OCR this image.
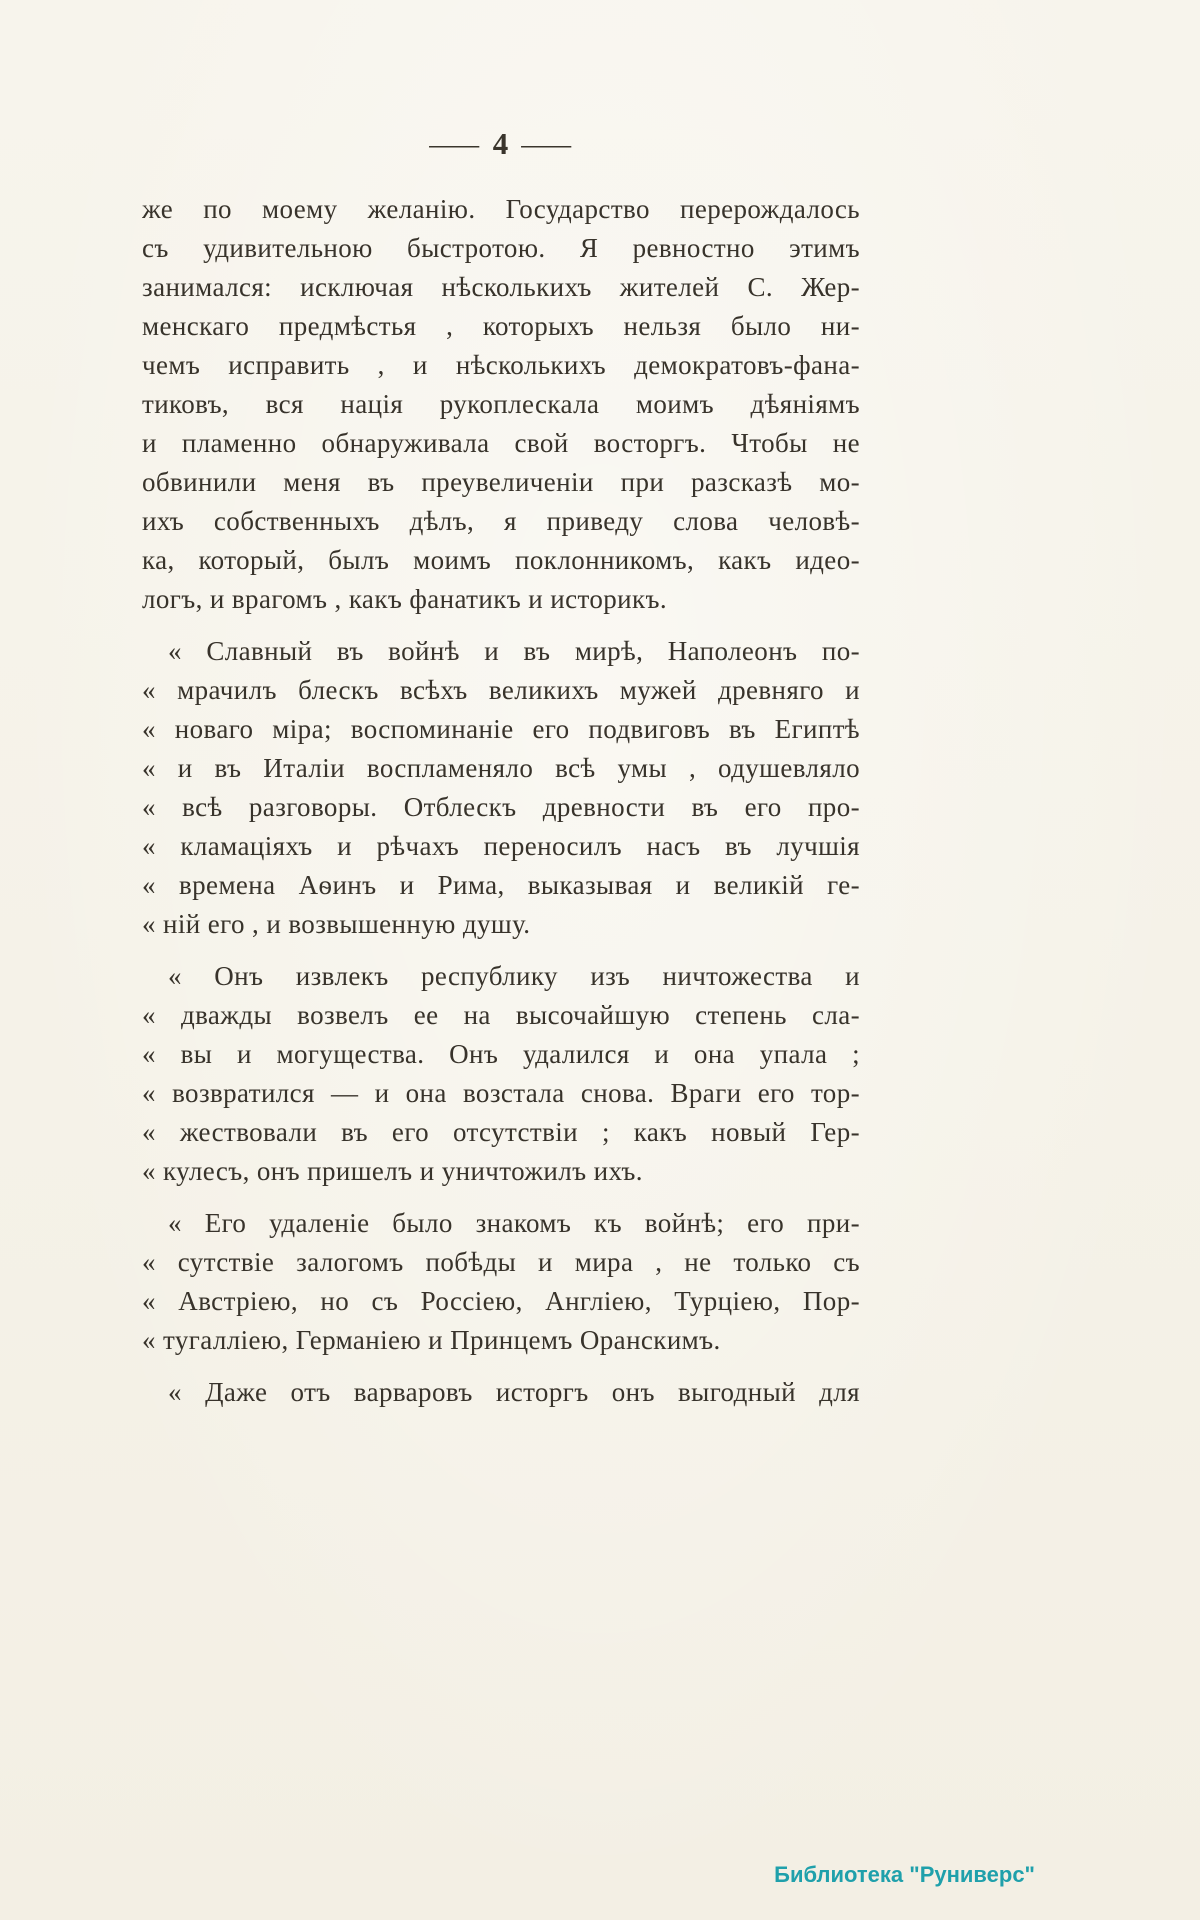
— 4 —
же по моему желанію. Государство перерождалось
съ удивительною быстротою. Я ревностно этимъ
занимался: исключая нѣсколькихъ жителей С. Жер-
менскаго предмѣстья , которыхъ нельзя было ни-
чемъ исправить , и нѣсколькихъ демократовъ-фана-
тиковъ, вся нація рукоплескала моимъ дѣяніямъ
и пламенно обнаруживала свой восторгъ. Чтобы не
обвинили меня въ преувеличеніи при разсказѣ мо-
ихъ собственныхъ дѣлъ, я приведу слова человѣ-
ка, который, былъ моимъ поклонникомъ, какъ идео-
логъ, и врагомъ , какъ фанатикъ и историкъ.
« Славный въ войнѣ и въ мирѣ, Наполеонъ по-
« мрачилъ блескъ всѣхъ великихъ мужей древняго и
« новаго міра; воспоминаніе его подвиговъ въ Египтѣ
« и въ Италіи воспламеняло всѣ умы , одушевляло
« всѣ разговоры. Отблескъ древности въ его про-
« кламаціяхъ и рѣчахъ переносилъ насъ въ лучшія
« времена Аѳинъ и Рима, выказывая и великій ге-
« ній его , и возвышенную душу.
« Онъ извлекъ республику изъ ничтожества и
« дважды возвелъ ее на высочайшую степень сла-
« вы и могущества. Онъ удалился и она упала ;
« возвратился — и она возстала снова. Враги его тор-
« жествовали въ его отсутствіи ; какъ новый Гер-
« кулесъ, онъ пришелъ и уничтожилъ ихъ.
« Его удаленіе было знакомъ къ войнѣ; его при-
« сутствіе залогомъ побѣды и мира , не только съ
« Австріею, но съ Россіею, Англіею, Турціею, Пор-
« тугалліею, Германіею и Принцемъ Оранскимъ.
« Даже отъ варваровъ исторгъ онъ выгодный для
Библиотека "Руниверс"
